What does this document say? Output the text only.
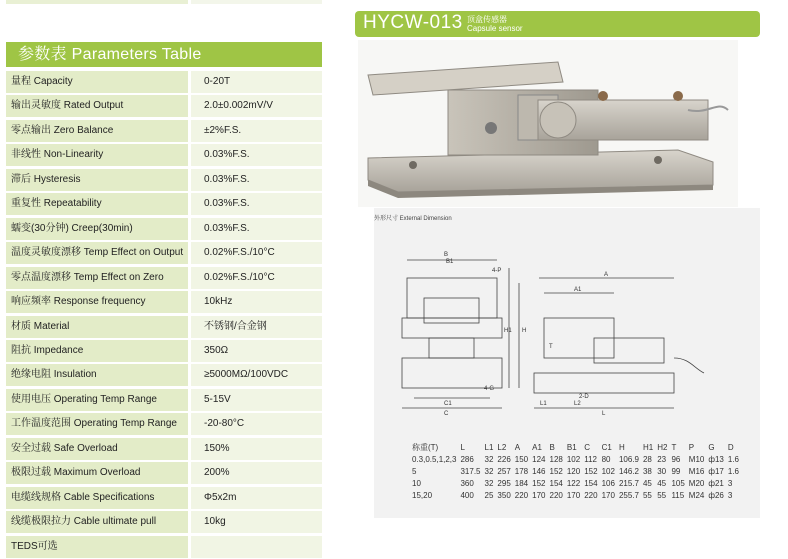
参数表 Parameters Table
量程 Capacity	0-20T
输出灵敏度 Rated Output	2.0±0.002mV/V
零点输出 Zero Balance	±2%F.S.
非线性 Non-Linearity	0.03%F.S.
滞后 Hysteresis	0.03%F.S.
重复性 Repeatability	0.03%F.S.
蠕变(30分钟) Creep(30min)	0.03%F.S.
温度灵敏度漂移 Temp Effect on Output	0.02%F.S./10°C
零点温度漂移 Temp Effect on Zero	0.02%F.S./10°C
响应频率 Response frequency	10kHz
材质 Material	不锈钢/合金钢
阻抗 Impedance	350Ω
绝缘电阻 Insulation	≥5000MΩ/100VDC
使用电压 Operating Temp Range	5-15V
工作温度范围 Operating Temp Range	-20-80°C
安全过载 Safe Overload	150%
极限过载 Maximum Overload	200%
电缆线规格 Cable Specifications	Φ5x2m
线缆极限拉力 Cable ultimate pull	10kg
TEDS可选
HYCW-013 顶盒传感器
Capsule sensor
外形尺寸 External Dimension
B1
B
4-P
C1
C
4-G
H1 H
A
A1
L
L1	L2
2-D
T
称重(T)	L	L1	L2	A	A1	B	B1	C	C1	H	H1	H2	T	P	G	D
0.3,0.5,1,2,3	286	32	226	150	124	128	102	112	80	106.9	28	23	96	M10	ф13	1.6
5	317.5	32	257	178	146	152	120	152	102	146.2	38	30	99	M16	ф17	1.6
10	360	32	295	184	152	154	122	154	106	215.7	45	45	105	M20	ф21	3
15,20	400	25	350	220	170	220	170	220	170	255.7	55	55	115	M24	ф26	3
